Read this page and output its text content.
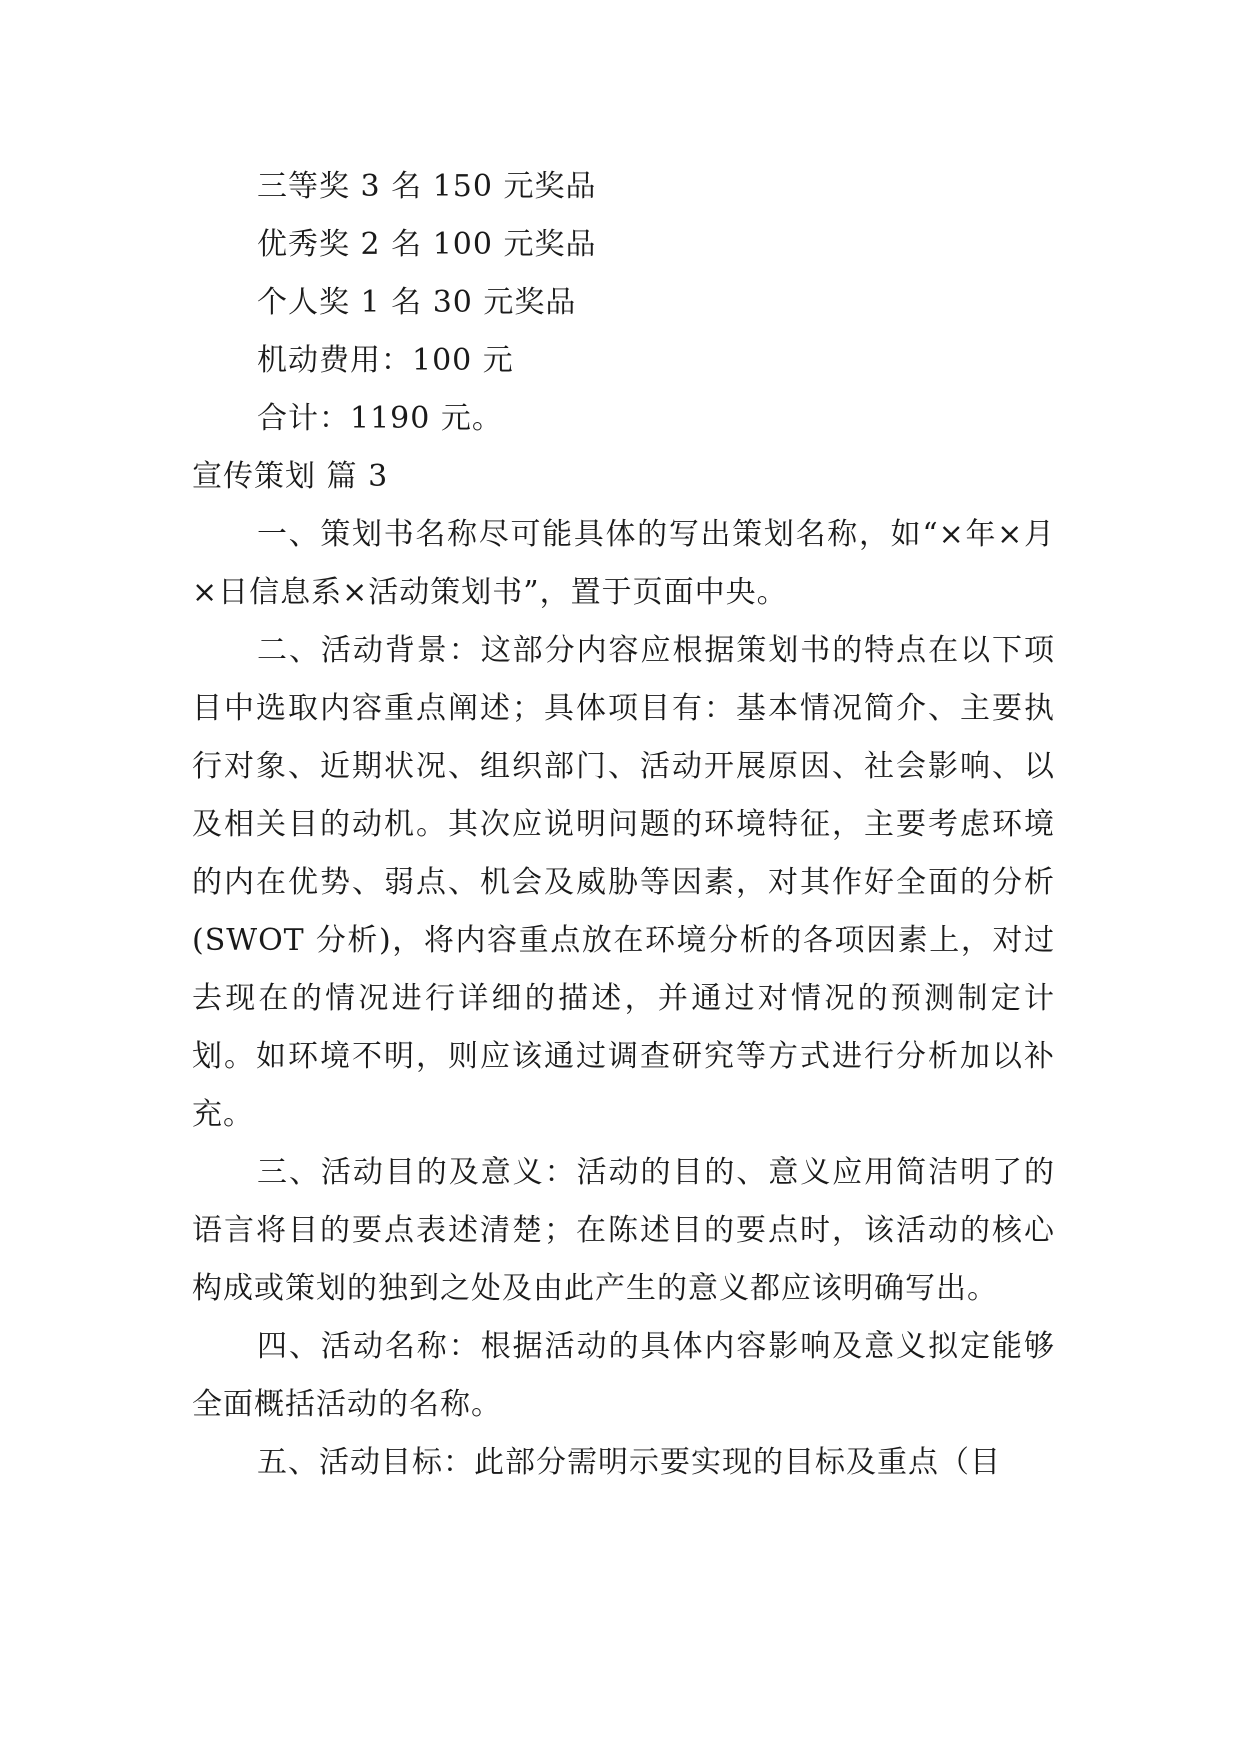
三等奖 3 名 150 元奖品
优秀奖 2 名 100 元奖品
个人奖 1 名 30 元奖品
机动费用：100 元
合计：1190 元。
宣传策划 篇 3

一、策划书名称尽可能具体的写出策划名称，如“×年×月×日信息系×活动策划书”，置于页面中央。

二、活动背景：这部分内容应根据策划书的特点在以下项目中选取内容重点阐述；具体项目有：基本情况简介、主要执行对象、近期状况、组织部门、活动开展原因、社会影响、以及相关目的动机。其次应说明问题的环境特征，主要考虑环境的内在优势、弱点、机会及威胁等因素，对其作好全面的分析(SWOT 分析)，将内容重点放在环境分析的各项因素上，对过去现在的情况进行详细的描述，并通过对情况的预测制定计划。如环境不明，则应该通过调查研究等方式进行分析加以补充。

三、活动目的及意义：活动的目的、意义应用简洁明了的语言将目的要点表述清楚；在陈述目的要点时，该活动的核心构成或策划的独到之处及由此产生的意义都应该明确写出。

四、活动名称：根据活动的具体内容影响及意义拟定能够全面概括活动的名称。

五、活动目标：此部分需明示要实现的目标及重点（目
